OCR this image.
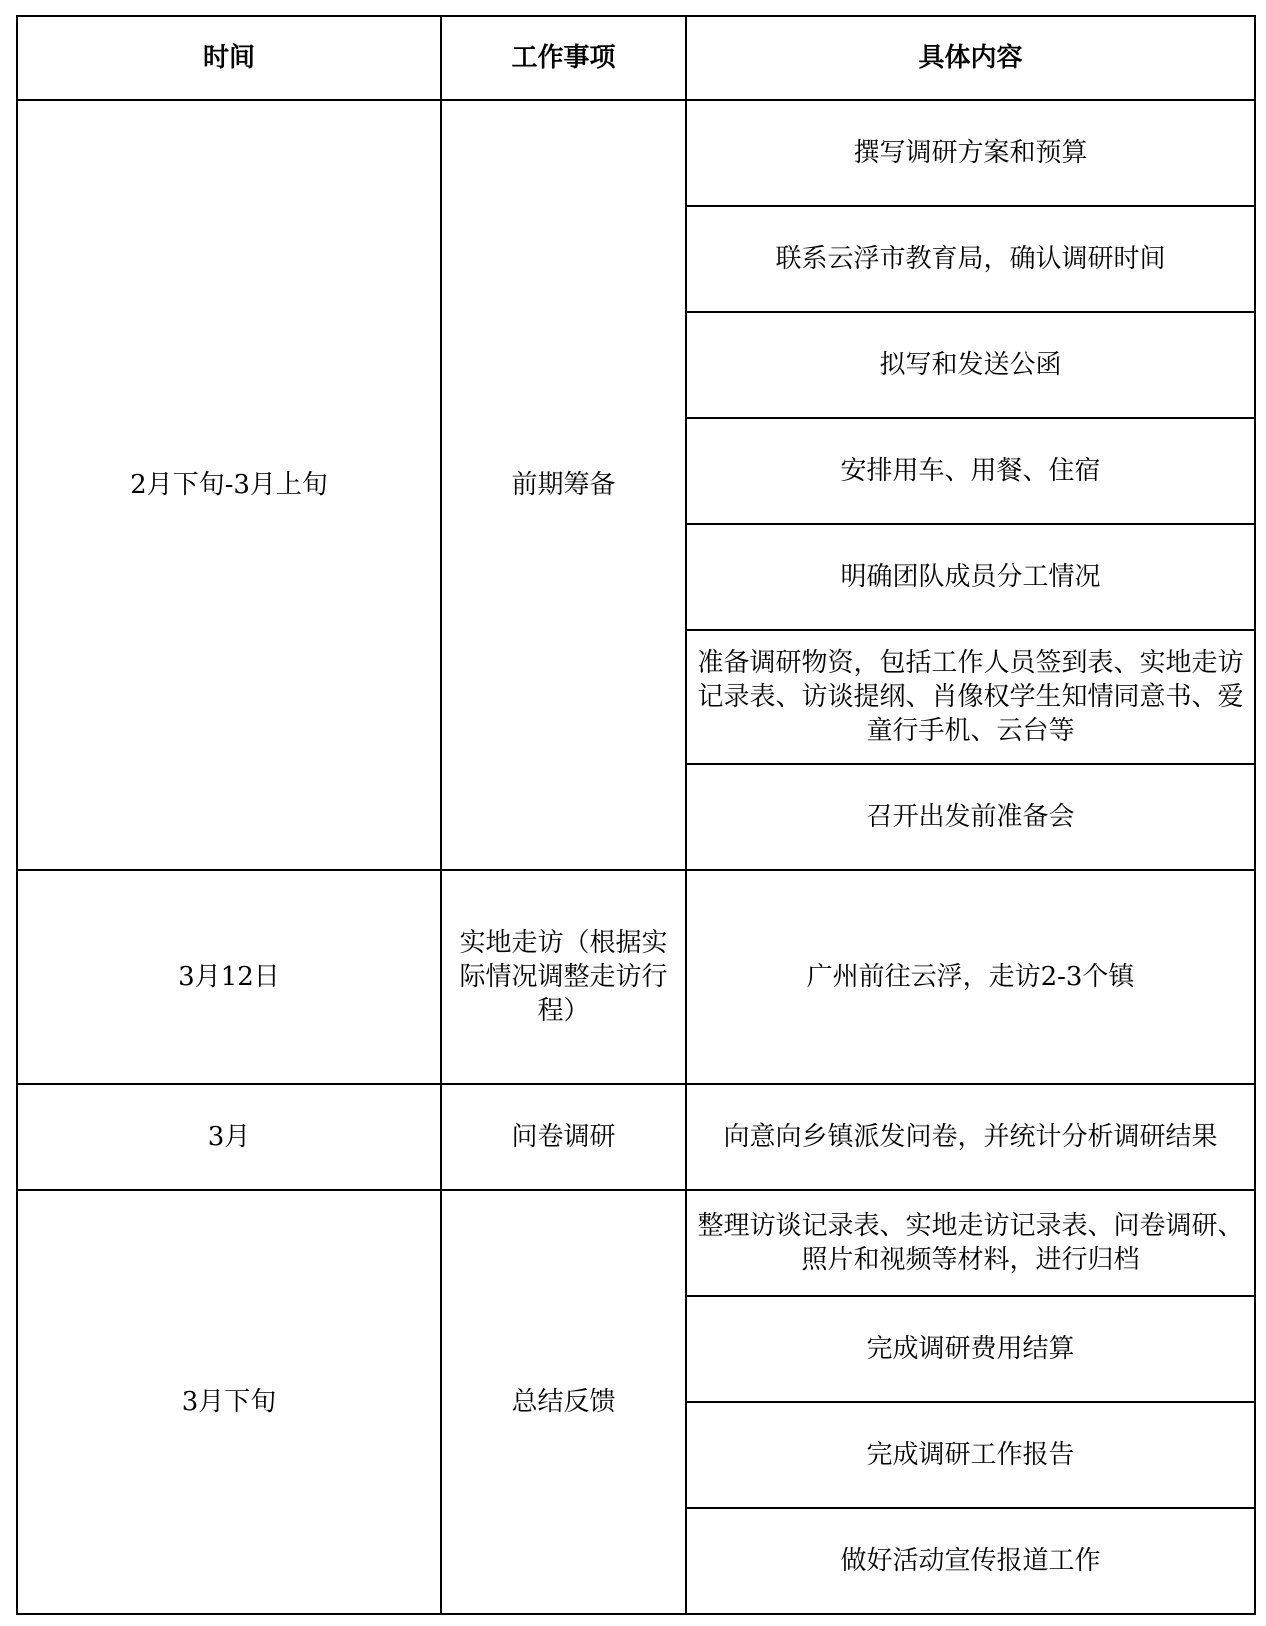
时间	工作事项	具体内容
2月下旬-3月上旬	前期筹备	撰写调研方案和预算
		联系云浮市教育局，确认调研时间
		拟写和发送公函
		安排用车、用餐、住宿
		明确团队成员分工情况
		准备调研物资，包括工作人员签到表、实地走访记录表、访谈提纲、肖像权学生知情同意书、爱童行手机、云台等
		召开出发前准备会
3月12日	实地走访（根据实际情况调整走访行程）	广州前往云浮，走访2-3个镇
3月	问卷调研	向意向乡镇派发问卷，并统计分析调研结果
3月下旬	总结反馈	整理访谈记录表、实地走访记录表、问卷调研、照片和视频等材料，进行归档
		完成调研费用结算
		完成调研工作报告
		做好活动宣传报道工作
